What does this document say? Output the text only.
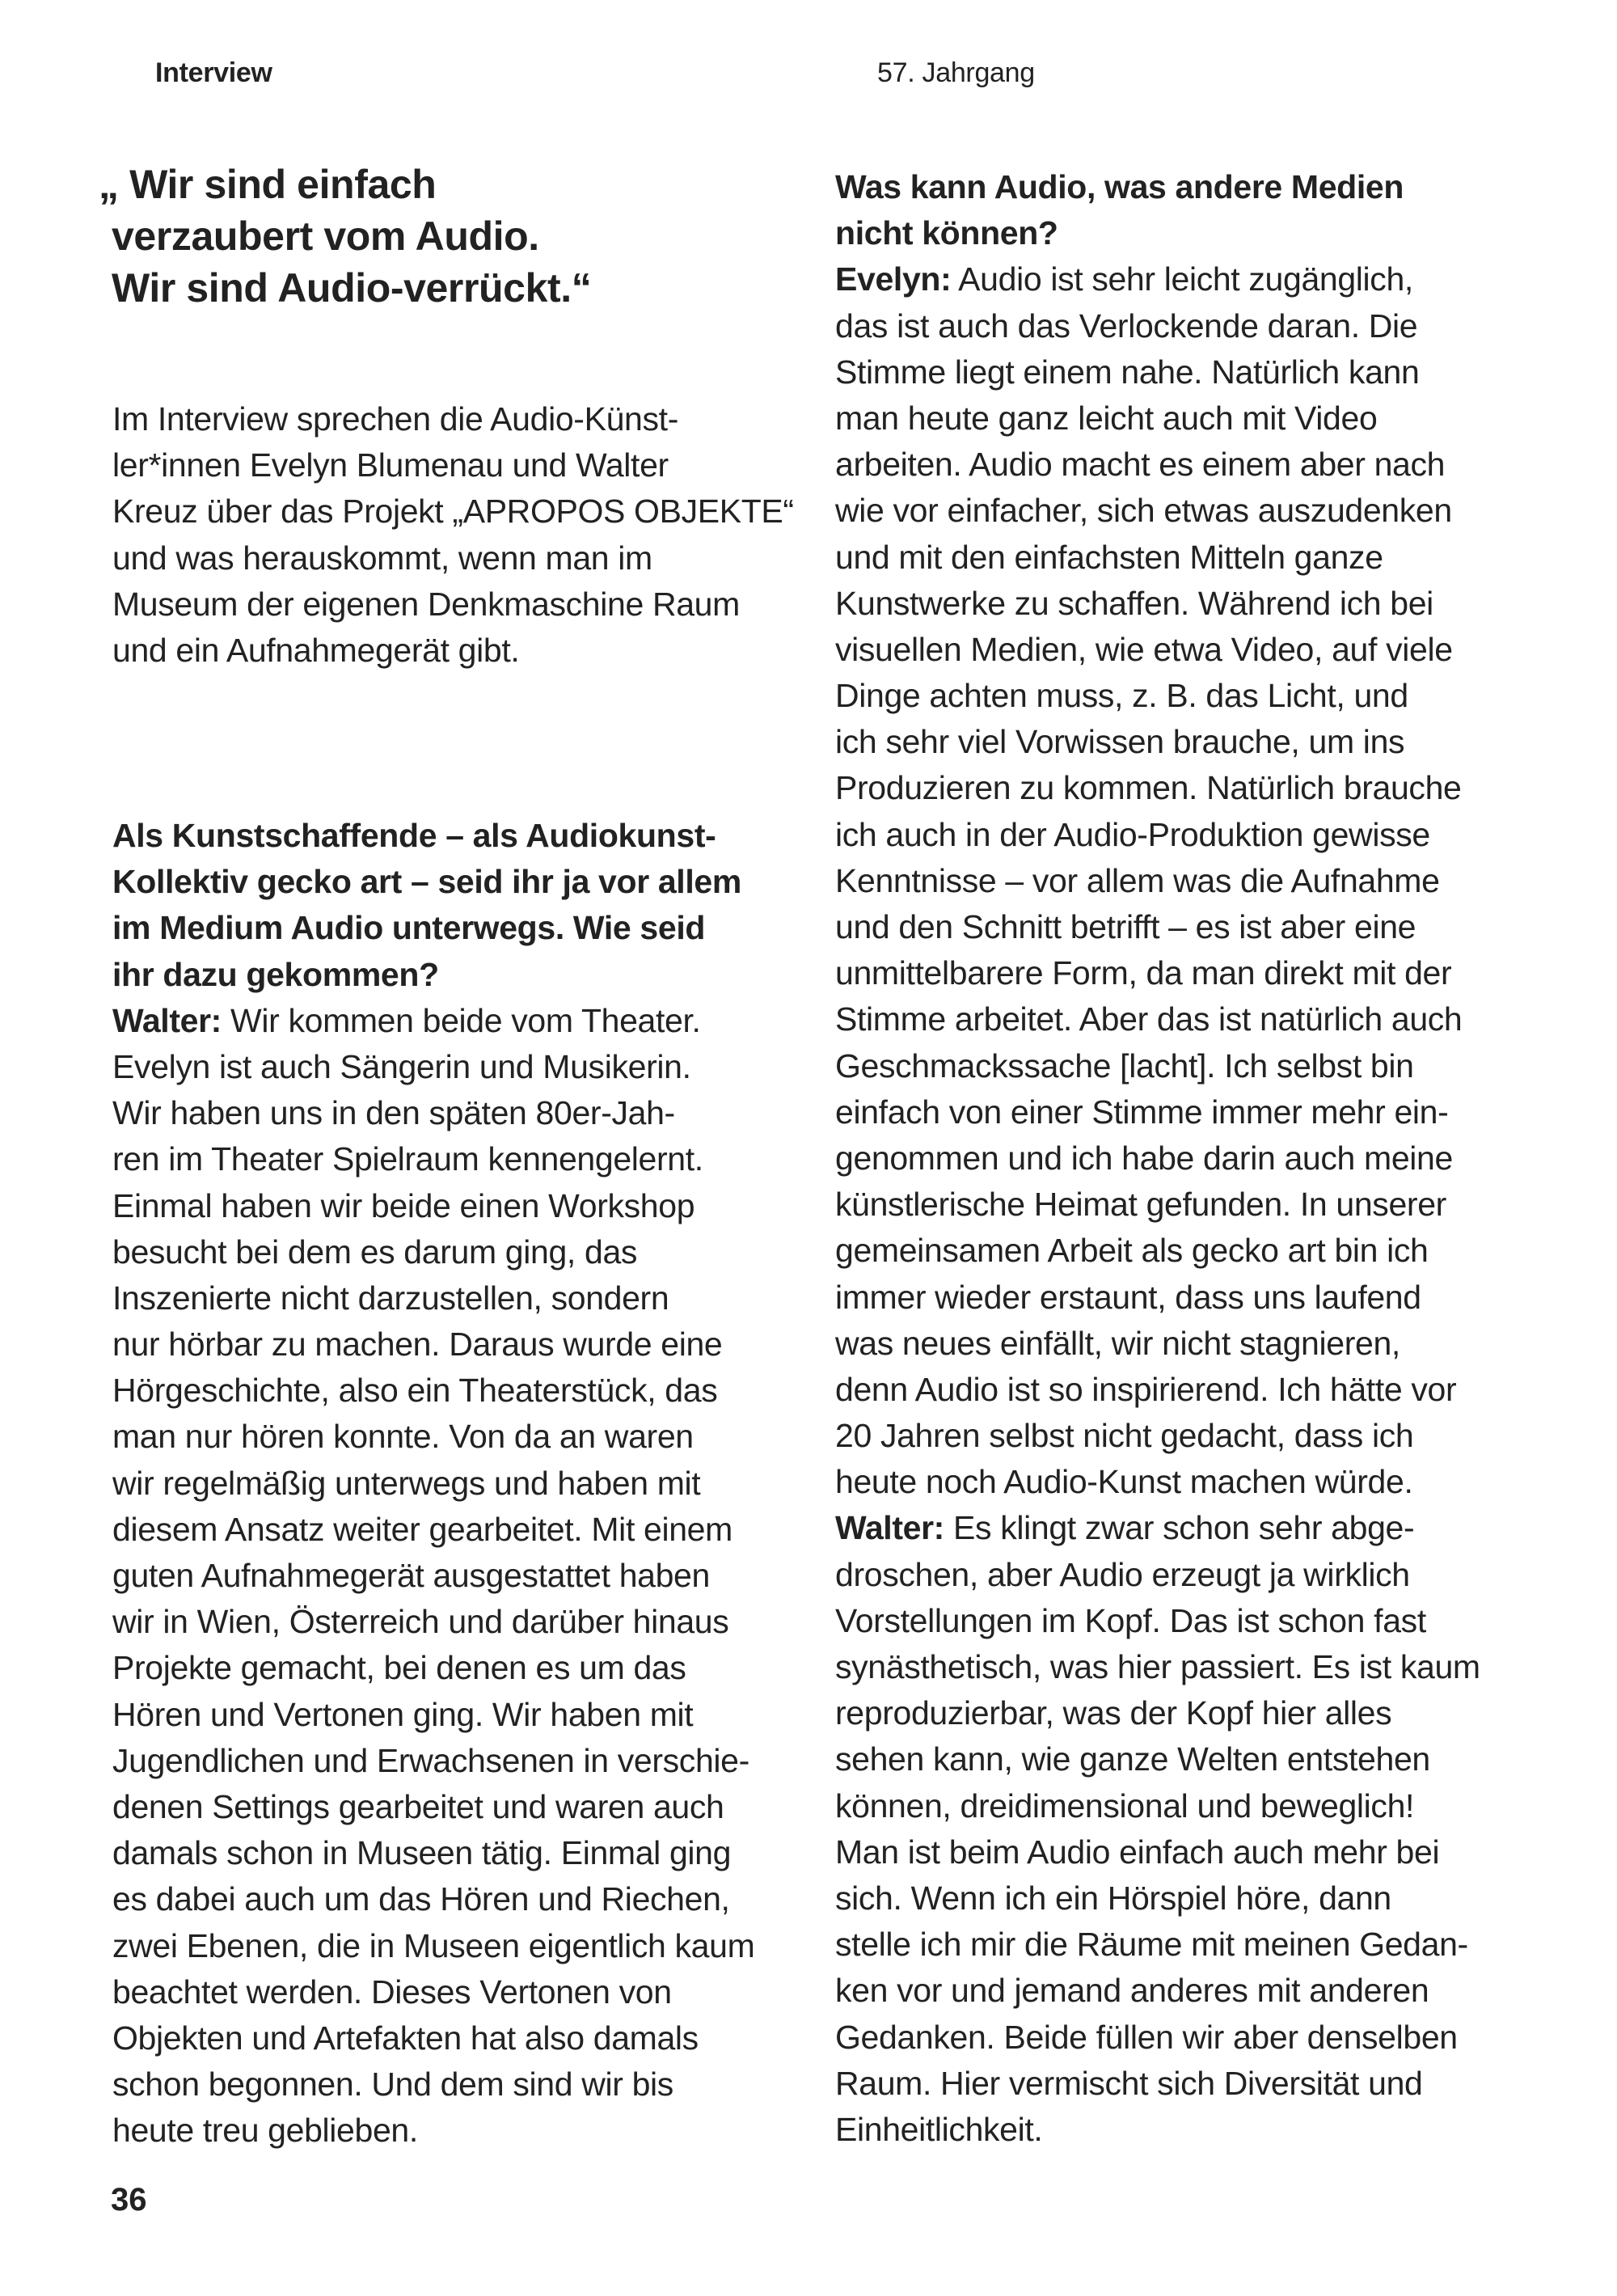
Interview	57. Jahrgang
„ Wir sind einfach
verzaubert vom Audio.
Wir sind Audio-verrückt.“
Im Interview sprechen die Audio-Künst-
ler*innen Evelyn Blumenau und Walter
Kreuz über das Projekt „APROPOS OBJEKTE“
und was herauskommt, wenn man im
Museum der eigenen Denkmaschine Raum
und ein Aufnahmegerät gibt.
Als Kunstschaffende – als Audiokunst-
Kollektiv gecko art – seid ihr ja vor allem
im Medium Audio unterwegs. Wie seid
ihr dazu gekommen?
Walter: Wir kommen beide vom Theater.
Evelyn ist auch Sängerin und Musikerin.
Wir haben uns in den späten 80er-Jah-
ren im Theater Spielraum kennengelernt.
Einmal haben wir beide einen Workshop
besucht bei dem es darum ging, das
Inszenierte nicht darzustellen, sondern
nur hörbar zu machen. Daraus wurde eine
Hörgeschichte, also ein Theaterstück, das
man nur hören konnte. Von da an waren
wir regelmäßig unterwegs und haben mit
diesem Ansatz weiter gearbeitet. Mit einem
guten Aufnahmegerät ausgestattet haben
wir in Wien, Österreich und darüber hinaus
Projekte gemacht, bei denen es um das
Hören und Vertonen ging. Wir haben mit
Jugendlichen und Erwachsenen in verschie-
denen Settings gearbeitet und waren auch
damals schon in Museen tätig. Einmal ging
es dabei auch um das Hören und Riechen,
zwei Ebenen, die in Museen eigentlich kaum
beachtet werden. Dieses Vertonen von
Objekten und Artefakten hat also damals
schon begonnen. Und dem sind wir bis
heute treu geblieben.
Was kann Audio, was andere Medien
nicht können?
Evelyn: Audio ist sehr leicht zugänglich,
das ist auch das Verlockende daran. Die
Stimme liegt einem nahe. Natürlich kann
man heute ganz leicht auch mit Video
arbeiten. Audio macht es einem aber nach
wie vor einfacher, sich etwas auszudenken
und mit den einfachsten Mitteln ganze
Kunstwerke zu schaffen. Während ich bei
visuellen Medien, wie etwa Video, auf viele
Dinge achten muss, z. B. das Licht, und
ich sehr viel Vorwissen brauche, um ins
Produzieren zu kommen. Natürlich brauche
ich auch in der Audio-Produktion gewisse
Kenntnisse – vor allem was die Aufnahme
und den Schnitt betrifft – es ist aber eine
unmittelbarere Form, da man direkt mit der
Stimme arbeitet. Aber das ist natürlich auch
Geschmackssache [lacht]. Ich selbst bin
einfach von einer Stimme immer mehr ein-
genommen und ich habe darin auch meine
künstlerische Heimat gefunden. In unserer
gemeinsamen Arbeit als gecko art bin ich
immer wieder erstaunt, dass uns laufend
was neues einfällt, wir nicht stagnieren,
denn Audio ist so inspirierend. Ich hätte vor
20 Jahren selbst nicht gedacht, dass ich
heute noch Audio-Kunst machen würde.
Walter: Es klingt zwar schon sehr abge-
droschen, aber Audio erzeugt ja wirklich
Vorstellungen im Kopf. Das ist schon fast
synästhetisch, was hier passiert. Es ist kaum
reproduzierbar, was der Kopf hier alles
sehen kann, wie ganze Welten entstehen
können, dreidimensional und beweglich!
Man ist beim Audio einfach auch mehr bei
sich. Wenn ich ein Hörspiel höre, dann
stelle ich mir die Räume mit meinen Gedan-
ken vor und jemand anderes mit anderen
Gedanken. Beide füllen wir aber denselben
Raum. Hier vermischt sich Diversität und
Einheitlichkeit.
36
